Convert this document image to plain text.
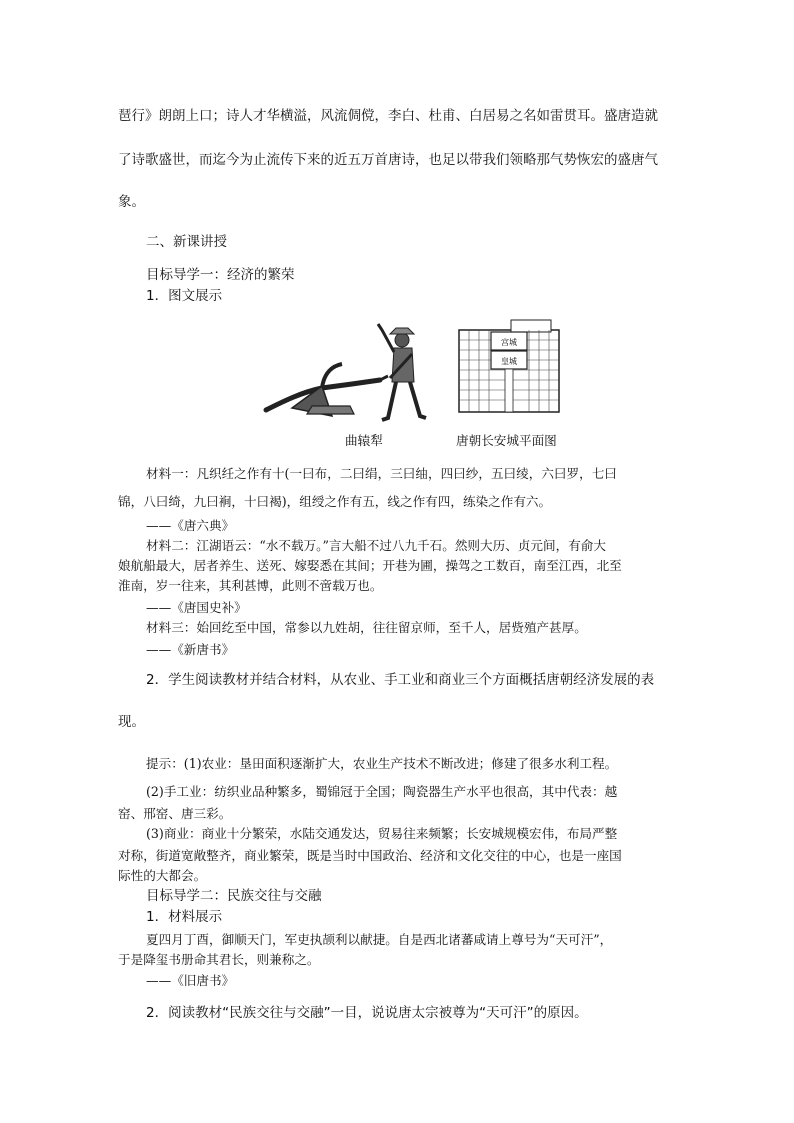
琶行》朗朗上口；诗人才华横溢，风流倜傥，李白、杜甫、白居易之名如雷贯耳。盛唐造就

了诗歌盛世，而迄今为止流传下来的近五万首唐诗，也足以带我们领略那气势恢宏的盛唐气

象。

二、新课讲授
目标导学一：经济的繁荣
1．图文展示
宫城
皇城
曲辕犁	唐朝长安城平面图

材料一：凡织纴之作有十(一曰布，二曰绢，三曰䌷，四曰纱，五曰绫，六曰罗，七曰

锦，八曰绮，九曰裥，十曰褐)，组绶之作有五，线之作有四，练染之作有六。

——《唐六典》

材料二：江湖语云：“水不载万。”言大船不过八九千石。然则大历、贞元间，有俞大

娘航船最大，居者养生、送死、嫁娶悉在其间；开巷为圃，操驾之工数百，南至江西，北至

淮南，岁一往来，其利甚博，此则不啻载万也。

——《唐国史补》

材料三：始回纥至中国，常参以九姓胡，往往留京师，至千人，居赀殖产甚厚。

——《新唐书》

2．学生阅读教材并结合材料，从农业、手工业和商业三个方面概括唐朝经济发展的表

现。

提示：(1)农业：垦田面积逐渐扩大，农业生产技术不断改进；修建了很多水利工程。

(2)手工业：纺织业品种繁多，蜀锦冠于全国；陶瓷器生产水平也很高，其中代表：越

窑、邢窑、唐三彩。

(3)商业：商业十分繁荣，水陆交通发达，贸易往来频繁；长安城规模宏伟，布局严整

对称，街道宽敞整齐，商业繁荣，既是当时中国政治、经济和文化交往的中心，也是一座国

际性的大都会。

目标导学二：民族交往与交融
1．材料展示

夏四月丁酉，御顺天门，军吏执颉利以献捷。自是西北诸蕃咸请上尊号为“天可汗”，

于是降玺书册命其君长，则兼称之。

——《旧唐书》

2．阅读教材“民族交往与交融”一目，说说唐太宗被尊为“天可汗”的原因。
